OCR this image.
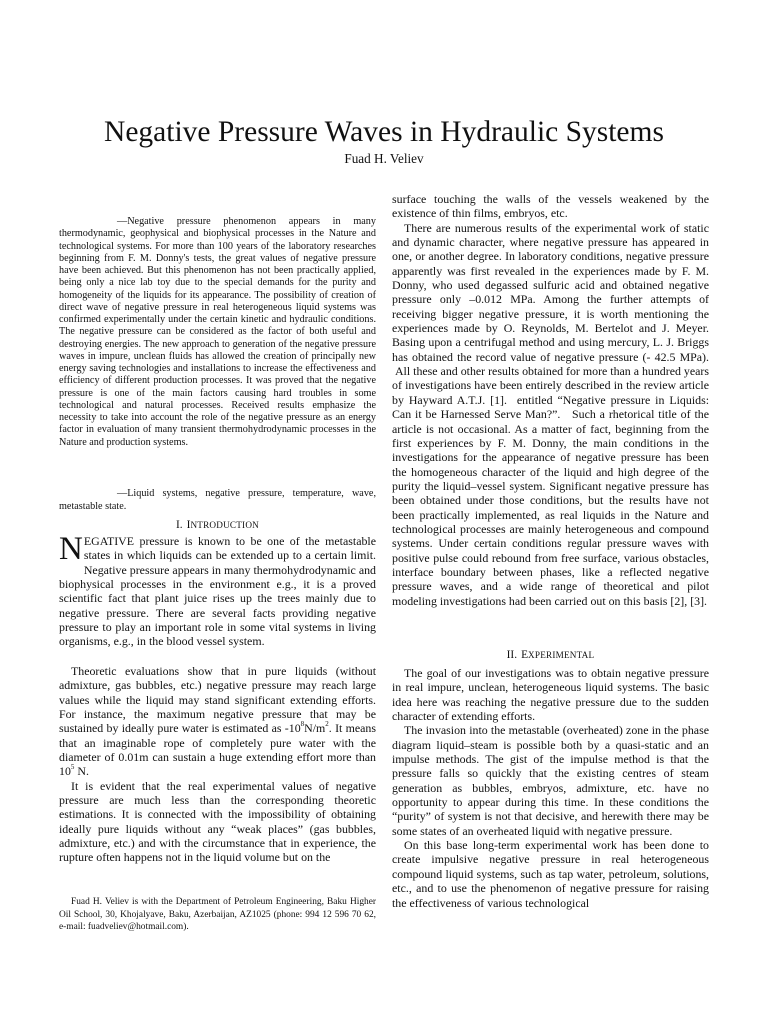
Negative Pressure Waves in Hydraulic Systems
Fuad H. Veliev

—Negative pressure phenomenon appears in many thermodynamic, geophysical and biophysical processes in the Nature and technological systems. For more than 100 years of the laboratory researches beginning from F. M. Donny's tests, the great values of negative pressure have been achieved. But this phenomenon has not been practically applied, being only a nice lab toy due to the special demands for the purity and homogeneity of the liquids for its appearance. The possibility of creation of direct wave of negative pressure in real heterogeneous liquid systems was confirmed experimentally under the certain kinetic and hydraulic conditions. The negative pressure can be considered as the factor of both useful and destroying energies. The new approach to generation of the negative pressure waves in impure, unclean fluids has allowed the creation of principally new energy saving technologies and installations to increase the effectiveness and efficiency of different production processes. It was proved that the negative pressure is one of the main factors causing hard troubles in some technological and natural processes. Received results emphasize the necessity to take into account the role of the negative pressure as an energy factor in evaluation of many transient thermohydrodynamic processes in the Nature and production systems.

—Liquid systems, negative pressure, temperature, wave, metastable state.

I. INTRODUCTION
NEGATIVE pressure is known to be one of the metastable states in which liquids can be extended up to a certain limit. Negative pressure appears in many thermohydrodynamic and biophysical processes in the environment e.g., it is a proved scientific fact that plant juice rises up the trees mainly due to negative pressure. There are several facts providing negative pressure to play an important role in some vital systems in living organisms, e.g., in the blood vessel system.

Theoretic evaluations show that in pure liquids (without admixture, gas bubbles, etc.) negative pressure may reach large values while the liquid may stand significant extending efforts. For instance, the maximum negative pressure that may be sustained by ideally pure water is estimated as $-10^8N/m^2$. It means that an imaginable rope of completely pure water with the diameter of 0.01m can sustain a huge extending effort more than $10^5$ N.

It is evident that the real experimental values of negative pressure are much less than the corresponding theoretic estimations. It is connected with the impossibility of obtaining ideally pure liquids without any “weak places” (gas bubbles, admixture, etc.) and with the circumstance that in experience, the rupture often happens not in the liquid volume but on the

Fuad H. Veliev is with the Department of Petroleum Engineering, Baku Higher Oil School, 30, Khojalyave, Baku, Azerbaijan, AZ1025 (phone: 994 12 596 70 62, e-mail: fuadveliev@hotmail.com).

surface touching the walls of the vessels weakened by the existence of thin films, embryos, etc.

There are numerous results of the experimental work of static and dynamic character, where negative pressure has appeared in one, or another degree. In laboratory conditions, negative pressure apparently was first revealed in the experiences made by F. M. Donny, who used degassed sulfuric acid and obtained negative pressure only –0.012 MPa. Among the further attempts of receiving bigger negative pressure, it is worth mentioning the experiences made by O. Reynolds, M. Bertelot and J. Meyer. Basing upon a centrifugal method and using mercury, L. J. Briggs has obtained the record value of negative pressure (- 42.5 MPa).  All these and other results obtained for more than a hundred years of investigations have been entirely described in the review article by Hayward A.T.J. [1].  entitled “Negative pressure in Liquids: Can it be Harnessed Serve Man?”.   Such a rhetorical title of the article is not occasional. As a matter of fact, beginning from the first experiences by F. M. Donny, the main conditions in the investigations for the appearance of negative pressure has been the homogeneous character of the liquid and high degree of the purity the liquid–vessel system. Significant negative pressure has been obtained under those conditions, but the results have not been practically implemented, as real liquids in the Nature and technological processes are mainly heterogeneous and compound systems. Under certain conditions regular pressure waves with positive pulse could rebound from free surface, various obstacles, interface boundary between phases, like a reflected negative pressure waves, and a wide range of theoretical and pilot modeling investigations had been carried out on this basis [2], [3].

II. EXPERIMENTAL

The goal of our investigations was to obtain negative pressure in real impure, unclean, heterogeneous liquid systems. The basic idea here was reaching the negative pressure due to the sudden character of extending efforts.

The invasion into the metastable (overheated) zone in the phase diagram liquid–steam is possible both by a quasi-static and an impulse methods. The gist of the impulse method is that the pressure falls so quickly that the existing centres of steam generation as bubbles, embryos, admixture, etc. have no opportunity to appear during this time. In these conditions the “purity” of system is not that decisive, and herewith there may be some states of an overheated liquid with negative pressure.

On this base long-term experimental work has been done to create impulsive negative pressure in real heterogeneous compound liquid systems, such as tap water, petroleum, solutions, etc., and to use the phenomenon of negative pressure for raising the effectiveness of various technological
